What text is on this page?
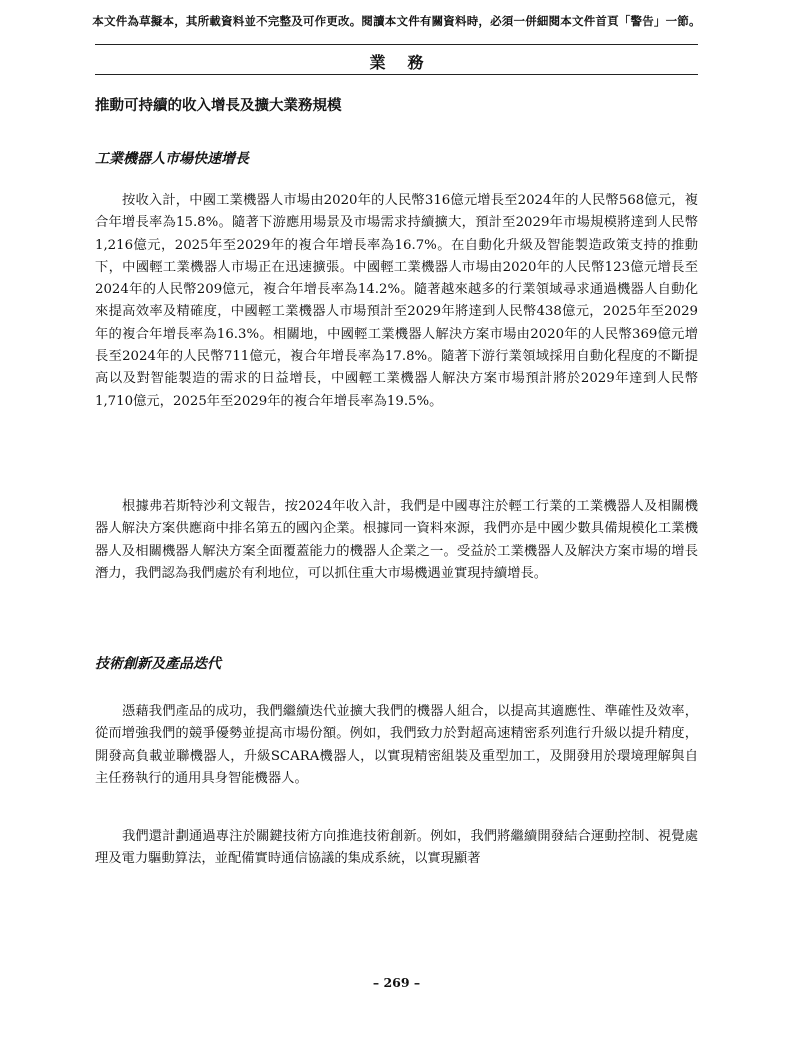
本文件為草擬本，其所載資料並不完整及可作更改。閱讀本文件有關資料時，必須一併細閱本文件首頁「警告」一節。
業務
推動可持續的收入增長及擴大業務規模
工業機器人市場快速增長

按收入計，中國工業機器人市場由2020年的人民幣316億元增長至2024年的人民幣568億元，複合年增長率為15.8%。隨著下游應用場景及市場需求持續擴大，預計至2029年市場規模將達到人民幣1,216億元，2025年至2029年的複合年增長率為16.7%。在自動化升級及智能製造政策支持的推動下，中國輕工業機器人市場正在迅速擴張。中國輕工業機器人市場由2020年的人民幣123億元增長至2024年的人民幣209億元，複合年增長率為14.2%。隨著越來越多的行業領域尋求通過機器人自動化來提高效率及精確度，中國輕工業機器人市場預計至2029年將達到人民幣438億元，2025年至2029年的複合年增長率為16.3%。相關地，中國輕工業機器人解決方案市場由2020年的人民幣369億元增長至2024年的人民幣711億元，複合年增長率為17.8%。隨著下游行業領域採用自動化程度的不斷提高以及對智能製造的需求的日益增長，中國輕工業機器人解決方案市場預計將於2029年達到人民幣1,710億元，2025年至2029年的複合年增長率為19.5%。

根據弗若斯特沙利文報告，按2024年收入計，我們是中國專注於輕工行業的工業機器人及相關機器人解決方案供應商中排名第五的國內企業。根據同一資料來源，我們亦是中國少數具備規模化工業機器人及相關機器人解決方案全面覆蓋能力的機器人企業之一。受益於工業機器人及解決方案市場的增長潛力，我們認為我們處於有利地位，可以抓住重大市場機遇並實現持續增長。

技術創新及產品迭代

憑藉我們產品的成功，我們繼續迭代並擴大我們的機器人組合，以提高其適應性、準確性及效率，從而增強我們的競爭優勢並提高市場份額。例如，我們致力於對超高速精密系列進行升級以提升精度，開發高負載並聯機器人，升級SCARA機器人，以實現精密組裝及重型加工，及開發用於環境理解與自主任務執行的通用具身智能機器人。

我們還計劃通過專注於關鍵技術方向推進技術創新。例如，我們將繼續開發結合運動控制、視覺處理及電力驅動算法，並配備實時通信協議的集成系統，以實現顯著

– 269 –
